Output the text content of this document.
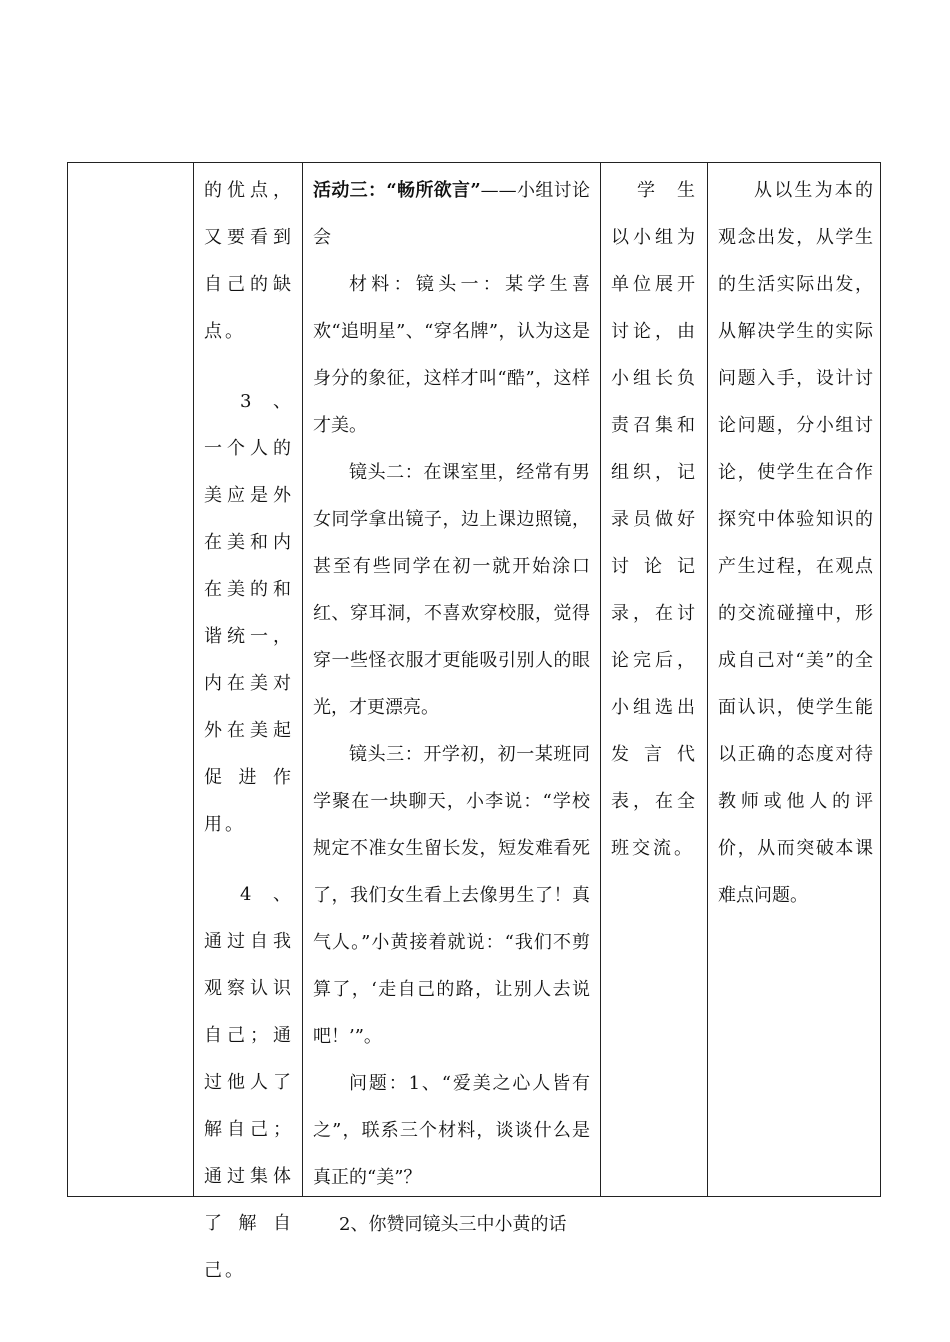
的优点，又要看到自己的缺点。

3、一个人的美应是外在美和内在美的和谐统一，内在美对外在美起促进作用。

4、通过自我观察认识自己；通过他人了解自己；通过集体了解自己。

活动三：“畅所欲言”——小组讨论会

材料：镜头一：某学生喜欢“追明星”、“穿名牌”，认为这是身分的象征，这样才叫“酷”，这样才美。

镜头二：在课室里，经常有男女同学拿出镜子，边上课边照镜，甚至有些同学在初一就开始涂口红、穿耳洞，不喜欢穿校服，觉得穿一些怪衣服才更能吸引别人的眼光，才更漂亮。

镜头三：开学初，初一某班同学聚在一块聊天，小李说：“学校规定不准女生留长发，短发难看死了，我们女生看上去像男生了！真气人。”小黄接着就说：“我们不剪算了，‘走自己的路，让别人去说吧！’”。

问题：1、“爱美之心人皆有之”，联系三个材料，谈谈什么是真正的“美”？

2、你赞同镜头三中小黄的话

学生以小组为单位展开讨论，由小组长负责召集和组织，记录员做好讨论记录，在讨论完后，小组选出发言代表，在全班交流。

从以生为本的观念出发，从学生的生活实际出发，从解决学生的实际问题入手，设计讨论问题，分小组讨论，使学生在合作探究中体验知识的产生过程，在观点的交流碰撞中，形成自己对“美”的全面认识，使学生能以正确的态度对待教师或他人的评价，从而突破本课难点问题。
